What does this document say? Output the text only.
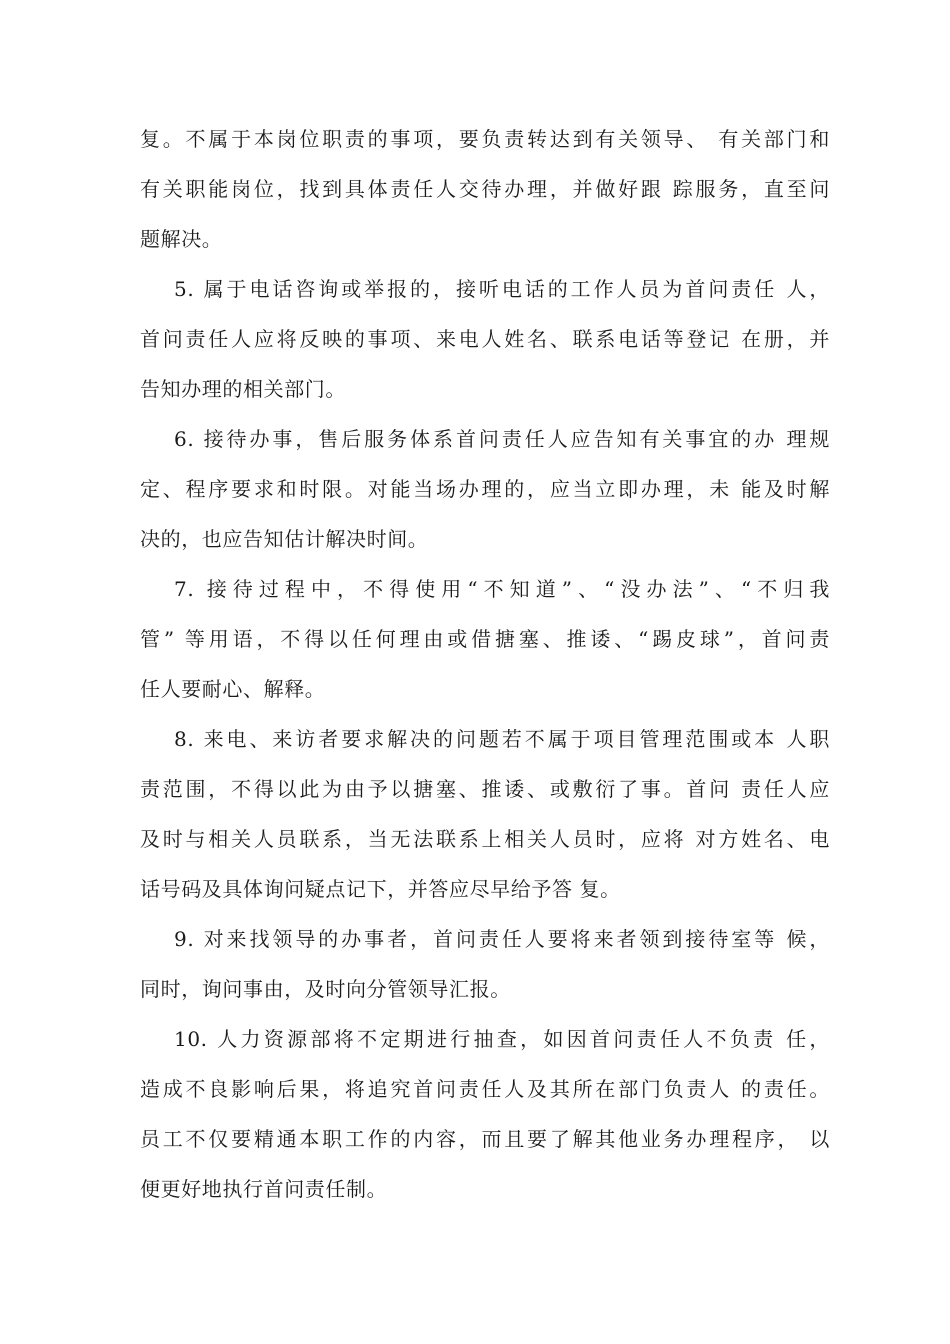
复。不属于本岗位职责的事项，要负责转达到有关领导、 有关部门和
有关职能岗位，找到具体责任人交待办理，并做好跟 踪服务，直至问
题解决。
5. 属于电话咨询或举报的，接听电话的工作人员为首问责任 人，
首问责任人应将反映的事项、来电人姓名、联系电话等登记 在册，并
告知办理的相关部门。
6. 接待办事，售后服务体系首问责任人应告知有关事宜的办 理规
定、程序要求和时限。对能当场办理的，应当立即办理，未 能及时解
决的，也应告知估计解决时间。
7. 接待过程中，不得使用“不知道”、“没办法”、“不归我
管” 等用语，不得以任何理由或借搪塞、推诿、“踢皮球”，首问责
任人要耐心、解释。
8. 来电、来访者要求解决的问题若不属于项目管理范围或本 人职
责范围，不得以此为由予以搪塞、推诿、或敷衍了事。首问 责任人应
及时与相关人员联系，当无法联系上相关人员时，应将 对方姓名、电
话号码及具体询问疑点记下，并答应尽早给予答 复。
9. 对来找领导的办事者，首问责任人要将来者领到接待室等 候，
同时，询问事由，及时向分管领导汇报。
10. 人力资源部将不定期进行抽查，如因首问责任人不负责 任，
造成不良影响后果，将追究首问责任人及其所在部门负责人 的责任。
员工不仅要精通本职工作的内容，而且要了解其他业务办理程序， 以
便更好地执行首问责任制。
